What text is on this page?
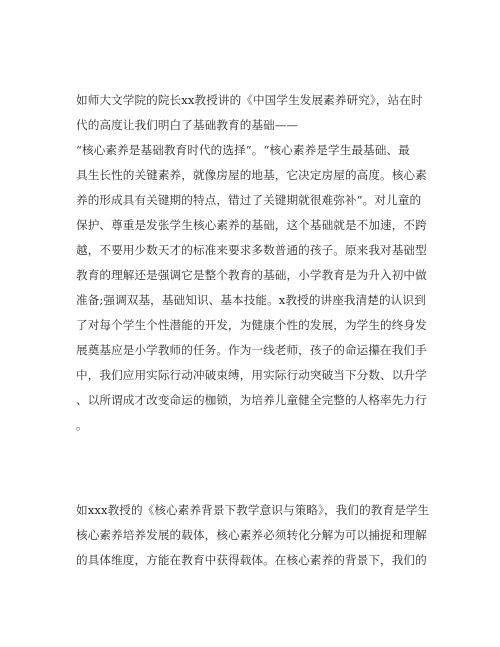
如师大文学院的院长xx教授讲的《中国学生发展素养研究》，站在时
代的高度让我们明白了基础教育的基础——
“核心素养是基础教育时代的选择”。“核心素养是学生最基础、最
具生长性的关键素养，就像房屋的地基，它决定房屋的高度。核心素
养的形成具有关键期的特点，错过了关键期就很难弥补”。对儿童的
保护、尊重是发张学生核心素养的基础，这个基础就是不加速，不跨
越，不要用少数天才的标准来要求多数普通的孩子。原来我对基础型
教育的理解还是强调它是整个教育的基础，小学教育是为升入初中做
准备;强调双基，基础知识、基本技能。x教授的讲座我清楚的认识到
了对每个学生个性潜能的开发，为健康个性的发展，为学生的终身发
展奠基应是小学教师的任务。作为一线老师，孩子的命运攥在我们手
中，我们应用实际行动冲破束缚，用实际行动突破当下分数、以升学
、以所谓成才改变命运的枷锁，为培养儿童健全完整的人格率先力行
。
如xxx教授的《核心素养背景下教学意识与策略》，我们的教育是学生
核心素养培养发展的载体，核心素养必须转化分解为可以捕捉和理解
的具体维度，方能在教育中获得载体。在核心素养的背景下，我们的
